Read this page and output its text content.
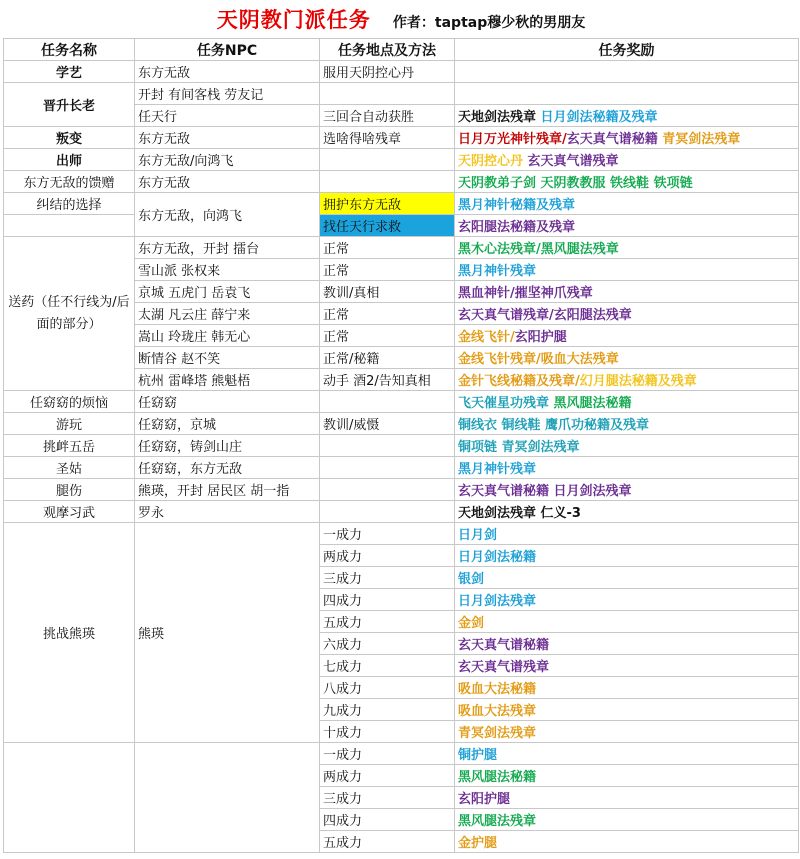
天阴教门派任务 作者：taptap穆少秋的男朋友			
任务名称	任务NPC	任务地点及方法	任务奖励
学艺	东方无敌	服用天阴控心丹	
晋升长老	开封 有间客栈 劳友记		
	任天行	三回合自动获胜	天地剑法残章 日月剑法秘籍及残章
叛变	东方无敌	选啥得啥残章	日月万光神针残章/玄天真气谱秘籍 青冥剑法残章
出师	东方无敌/向鸿飞		天阴控心丹 玄天真气谱残章
东方无敌的馈赠	东方无敌		天阴教弟子剑 天阴教教服 铁线鞋 铁项链
纠结的选择	东方无敌，向鸿飞	拥护东方无敌	黑月神针秘籍及残章
		找任天行求救	玄阳腿法秘籍及残章
送药（任不行线为/后面的部分）	东方无敌，开封 擂台	正常	黑木心法残章/黑风腿法残章
	雪山派 张权来	正常	黑月神针残章
	京城 五虎门 岳袁飞	教训/真相	黑血神针/摧坚神爪残章
	太湖 凡云庄 薛宁来	正常	玄天真气谱残章/玄阳腿法残章
	嵩山 玲珑庄 韩无心	正常	金线飞针/玄阳护腿
	断情谷 赵不笑	正常/秘籍	金线飞针残章/吸血大法残章
	杭州 雷峰塔 熊魁梧	动手 酒2/告知真相	金针飞线秘籍及残章/幻月腿法秘籍及残章
任窈窈的烦恼	任窈窈		飞天催星功残章 黑风腿法秘籍
游玩	任窈窈，京城	教训/威慑	铜线衣 铜线鞋 鹰爪功秘籍及残章
挑衅五岳	任窈窈，铸剑山庄		铜项链 青冥剑法残章
圣姑	任窈窈，东方无敌		黑月神针残章
腿伤	熊瑛，开封 居民区 胡一指		玄天真气谱秘籍 日月剑法残章
观摩习武	罗永		天地剑法残章 仁义-3
挑战熊瑛	熊瑛	一成力	日月剑
		两成力	日月剑法秘籍
		三成力	银剑
		四成力	日月剑法残章
		五成力	金剑
		六成力	玄天真气谱秘籍
		七成力	玄天真气谱残章
		八成力	吸血大法秘籍
		九成力	吸血大法残章
		十成力	青冥剑法残章
		一成力	铜护腿
		两成力	黑风腿法秘籍
		三成力	玄阳护腿
		四成力	黑风腿法残章
		五成力	金护腿
